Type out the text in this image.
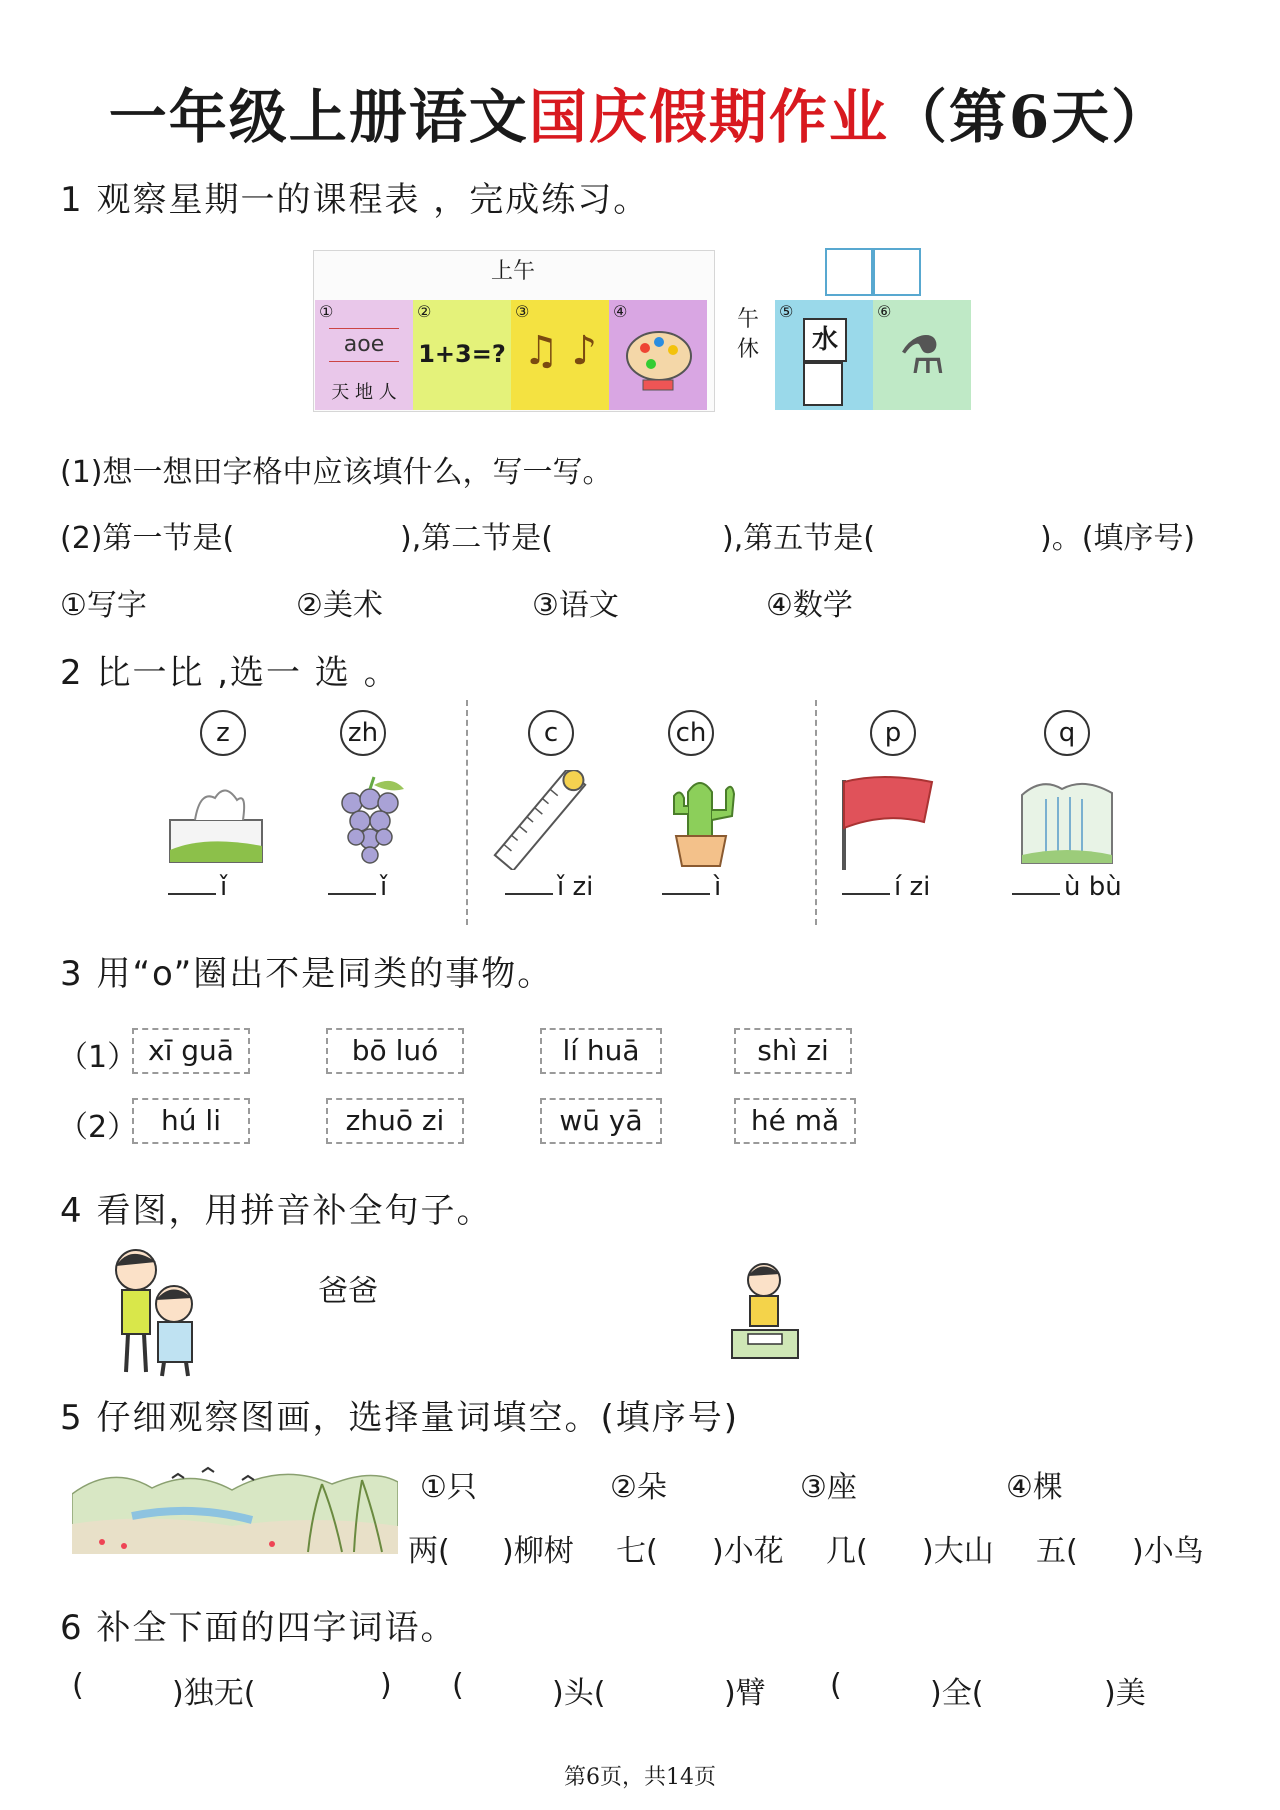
一年级上册语文国庆假期作业（第6天）
1 观察星期一的课程表 ，完成练习。
上午
①
aoe
天 地 人
②
1+3=?
③
♫ ♪
④	午休
⑤
水
⑥
⚗
(1)想一想田字格中应该填什么，写一写。
(2)第一节是(	),第二节是(	),第五节是(	)。(填序号)
①写字	②美术	③语文	④数学
2 比一比 ,选一 选 。
z	zh
ǐ	ǐ
c	ch
ǐ zi	ì
p	q
í zi	ù bù
3 用“o”圈出不是同类的事物。
（1） xī guā	bō luó	lí huā	shì zi
（2） hú li	zhuō zi	wū yā	hé mǎ
4 看图，用拼音补全句子。
爸爸
5 仔细观察图画，选择量词填空。(填序号)
①只	②朵	③座	④棵
两( )柳树 七( )小花 几( )大山 五( )小鸟
6 补全下面的四字词语。
(	)独无(	) (	)头(	)臂 (	)全(	)美
第6页，共14页
